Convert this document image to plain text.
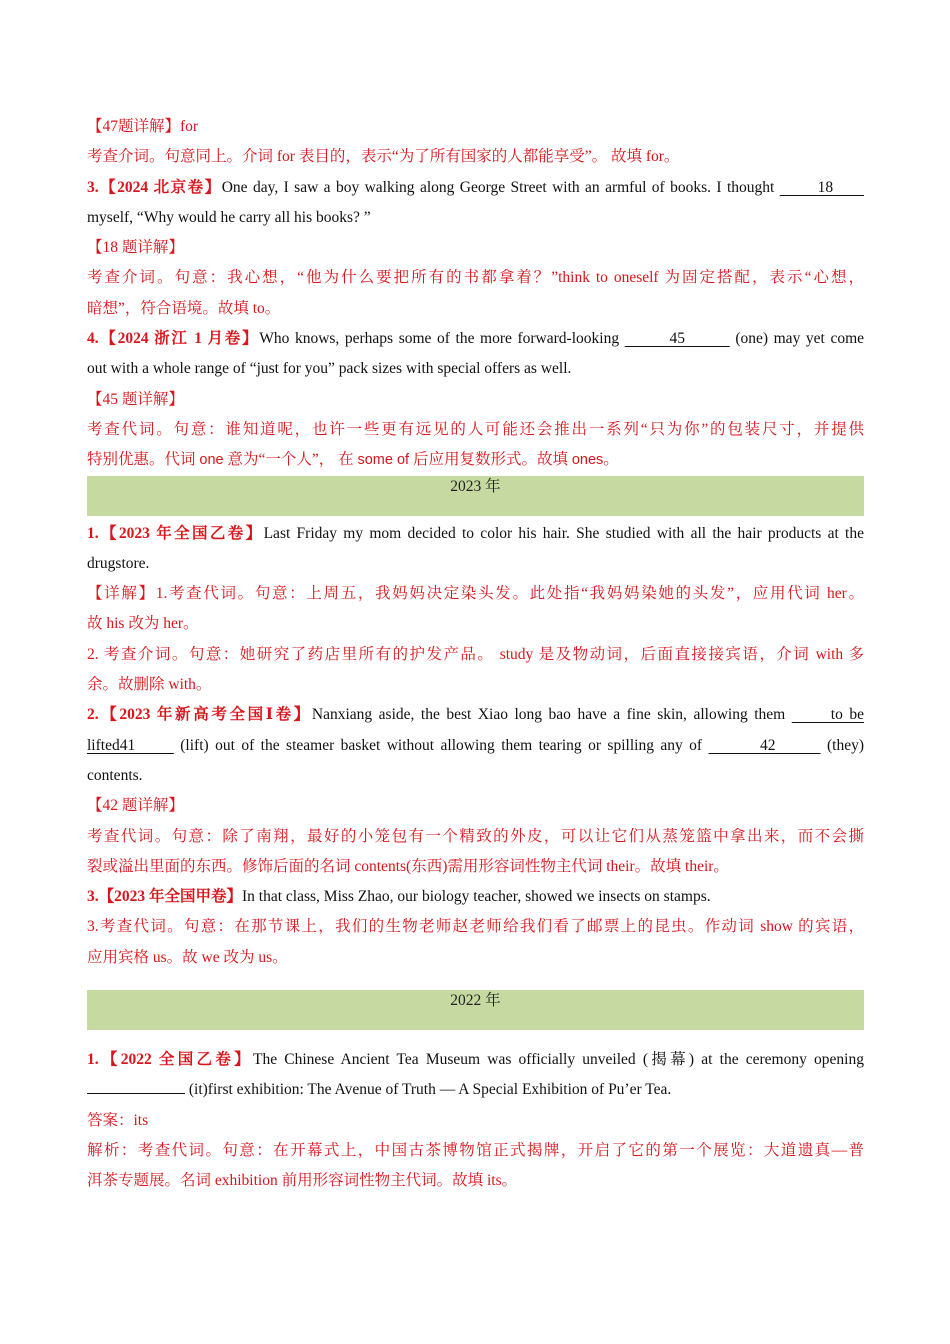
【47题详解】for
考查介词。句意同上。介词 for 表目的，表示“为了所有国家的人都能享受”。 故填 for。
3.【2024 北京卷】One day, I saw a boy walking along George Street with an armful of books. I thought        18
myself, “Why would he carry all his books? ”
【18 题详解】
考查介词。句意：我心想，“他为什么要把所有的书都拿着？”think to oneself 为固定搭配，表示“心想，
暗想”，符合语境。故填 to。
4.【2024 浙江 1 月卷】Who knows, perhaps some of the more forward-looking	45	(one) may yet come
out with a whole range of “just for you” pack sizes with special offers as well.
【45 题详解】
考查代词。句意：谁知道呢，也许一些更有远见的人可能还会推出一系列“只为你”的包装尺寸，并提供
特别优惠。代词 one 意为“一个人”， 在 some of 后应用复数形式。故填 ones。
2023 年
1.【2023 年全国乙卷】Last Friday my mom decided to color his hair. She studied with all the hair products at the
drugstore.
【详解】1.考查代词。句意：上周五，我妈妈决定染头发。此处指“我妈妈染她的头发”，应用代词 her。
故 his 改为 her。
2. 考查介词。句意：她研究了药店里所有的护发产品。 study 是及物动词，后面直接接宾语，介词 with 多
余。故删除 with。
2.【2023 年新高考全国Ⅰ卷】Nanxiang aside, the best Xiao long bao have a fine skin, allowing them       to be
lifted41       (lift) out of the steamer basket without allowing them tearing or spilling any of	42	(they)
contents.
【42 题详解】
考查代词。句意：除了南翔，最好的小笼包有一个精致的外皮，可以让它们从蒸笼篮中拿出来，而不会撕
裂或溢出里面的东西。修饰后面的名词 contents(东西)需用形容词性物主代词 their。故填 their。
3.【2023 年全国甲卷】In that class, Miss Zhao, our biology teacher, showed we insects on stamps.
3.考查代词。句意：在那节课上，我们的生物老师赵老师给我们看了邮票上的昆虫。作动词 show 的宾语，
应用宾格 us。故 we 改为 us。
2022 年
1.【2022 全国乙卷】The Chinese Ancient Tea Museum was officially unveiled (揭幕) at the ceremony opening
(it)first exhibition: The Avenue of Truth — A Special Exhibition of Pu’er Tea.
答案：its
解析：考查代词。句意：在开幕式上，中国古茶博物馆正式揭牌，开启了它的第一个展览：大道遗真—普
洱茶专题展。名词 exhibition 前用形容词性物主代词。故填 its。
